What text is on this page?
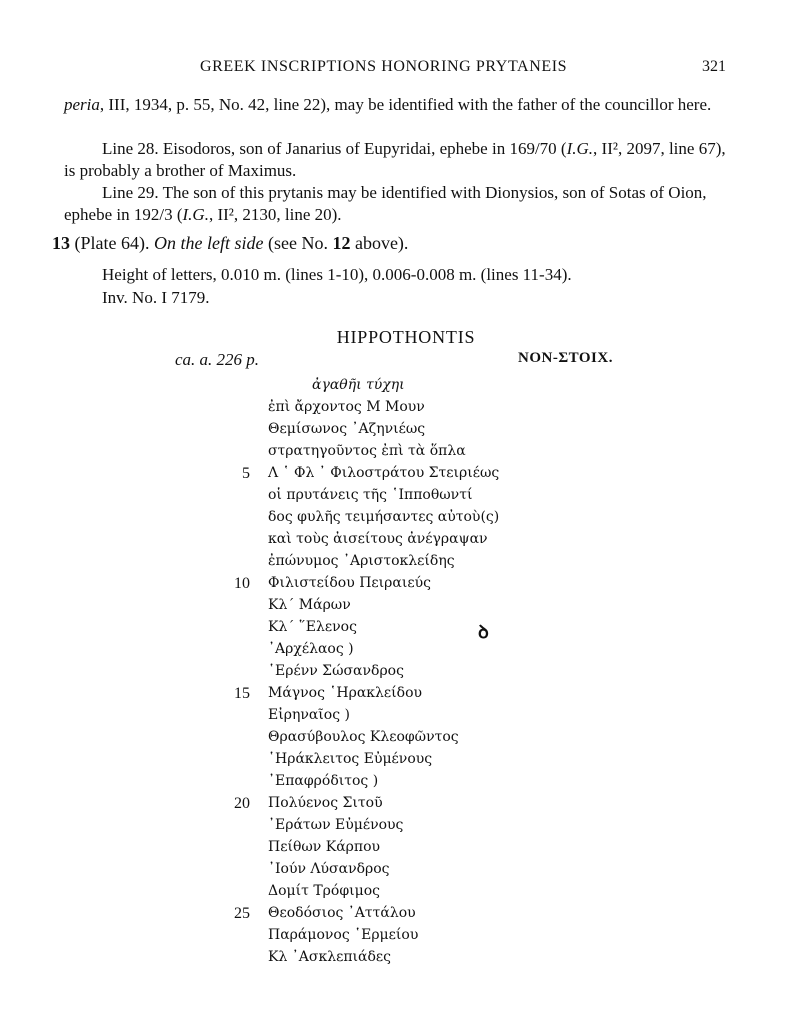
GREEK INSCRIPTIONS HONORING PRYTANEIS	321

peria, III, 1934, p. 55, No. 42, line 22), may be identified with the father of the councillor here.

Line 28. Eisodoros, son of Janarius of Eupyridai, ephebe in 169/70 (I.G., II², 2097, line 67), is probably a brother of Maximus.

Line 29. The son of this prytanis may be identified with Dionysios, son of Sotas of Oion, ephebe in 192/3 (I.G., II², 2130, line 20).

13 (Plate 64). On the left side (see No. 12 above).
Height of letters, 0.010 m. (lines 1-10), 0.006-0.008 m. (lines 11-34).
Inv. No. I 7179.
HIPPOTHONTIS
ca. a. 226 p.	NON-ΣΤΟΙΧ.
ꝺ
ἀγαθῆι τύχηι
ἐπὶ ἄρχοντος Μ Μουν
Θεμίσωνος ᾿Αζηνιέως
στρατηγοῦντος ἐπὶ τὰ ὅπλα
5 Λ ῾ Φλ ᾿ Φιλοστράτου Στειριέως
οἱ πρυτάνεις τῆς ῾Ιπποθωντί
δος φυλῆς τειμήσαντες αὐτοὺ(ς)
καὶ τοὺς ἀισείτους ἀνέγραψαν
ἐπώνυμος ᾿Αριστοκλείδης
10 Φιλιστείδου Πειραιεύς
Κλ´ Μάρων
Κλ´ ῞Ελενος
᾿Αρχέλαος )
῾Ερένν Σώσανδρος
15 Μάγνος ῾Ηρακλείδου
Εἰρηναῖος )
Θρασύβουλος Κλεοφῶντος
῾Ηράκλειτος Εὐμένους
᾿Επαφρόδιτος )
20 Πολύενος Σιτοῦ
᾿Εράτων Εὐμένους
Πείθων Κάρπου
᾿Ιούν Λύσανδρος
Δομίτ Τρόφιμος
25 Θεοδόσιος ᾿Αττάλου
Παράμονος ῾Ερμείου
Κλ ᾿Ασκλεπιάδες
